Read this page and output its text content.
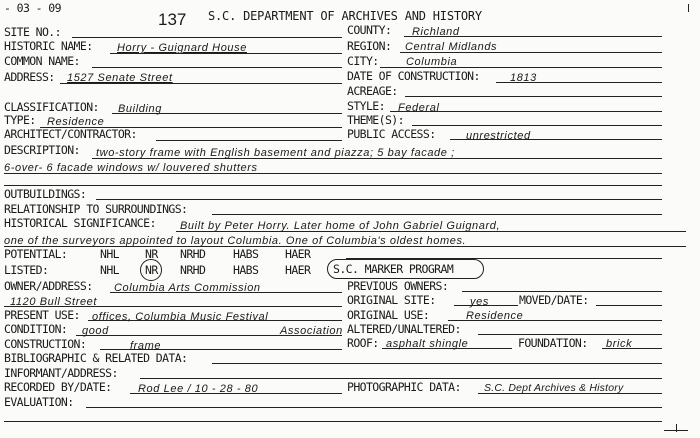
- 03 - 09
S.C. DEPARTMENT OF ARCHIVES AND HISTORY
SITE NO.:
137
COUNTY: Richland
HISTORIC NAME: Horry - Guignard House	REGION: Central Midlands
COMMON NAME:	CITY: Columbia
ADDRESS: 1527 Senate Street	DATE OF CONSTRUCTION:	1813
ACREAGE:
CLASSIFICATION: Building	STYLE: Federal
TYPE: Residence	THEME(S):
ARCHITECT/CONTRACTOR:	PUBLIC ACCESS:	unrestricted
DESCRIPTION: two-story frame with English basement and piazza; 5 bay facade ;
6-over- 6 facade windows w/ louvered shutters
OUTBUILDINGS:
RELATIONSHIP TO SURROUNDINGS:
HISTORICAL SIGNIFICANCE: Built by Peter Horry. Later home of John Gabriel Guignard,
one of the surveyors appointed to layout Columbia. One of Columbia's oldest homes.
POTENTIAL:	NHL NR NRHD HABS HAER
LISTED:	NHL NR NRHD HABS HAER S.C. MARKER PROGRAM
OWNER/ADDRESS: Columbia Arts Commission	PREVIOUS OWNERS:
1120 Bull Street	ORIGINAL SITE:	yes	MOVED/DATE:
PRESENT USE: offices, Columbia Music Festival	ORIGINAL USE:	Residence
CONDITION: good	Association ALTERED/UNALTERED:
CONSTRUCTION:	frame	ROOF: asphalt shingle	FOUNDATION: brick
BIBLIOGRAPHIC & RELATED DATA:
INFORMANT/ADDRESS:
RECORDED BY/DATE: Rod Lee / 10 - 28 - 80	PHOTOGRAPHIC DATA: S.C. Dept Archives & History
EVALUATION:
